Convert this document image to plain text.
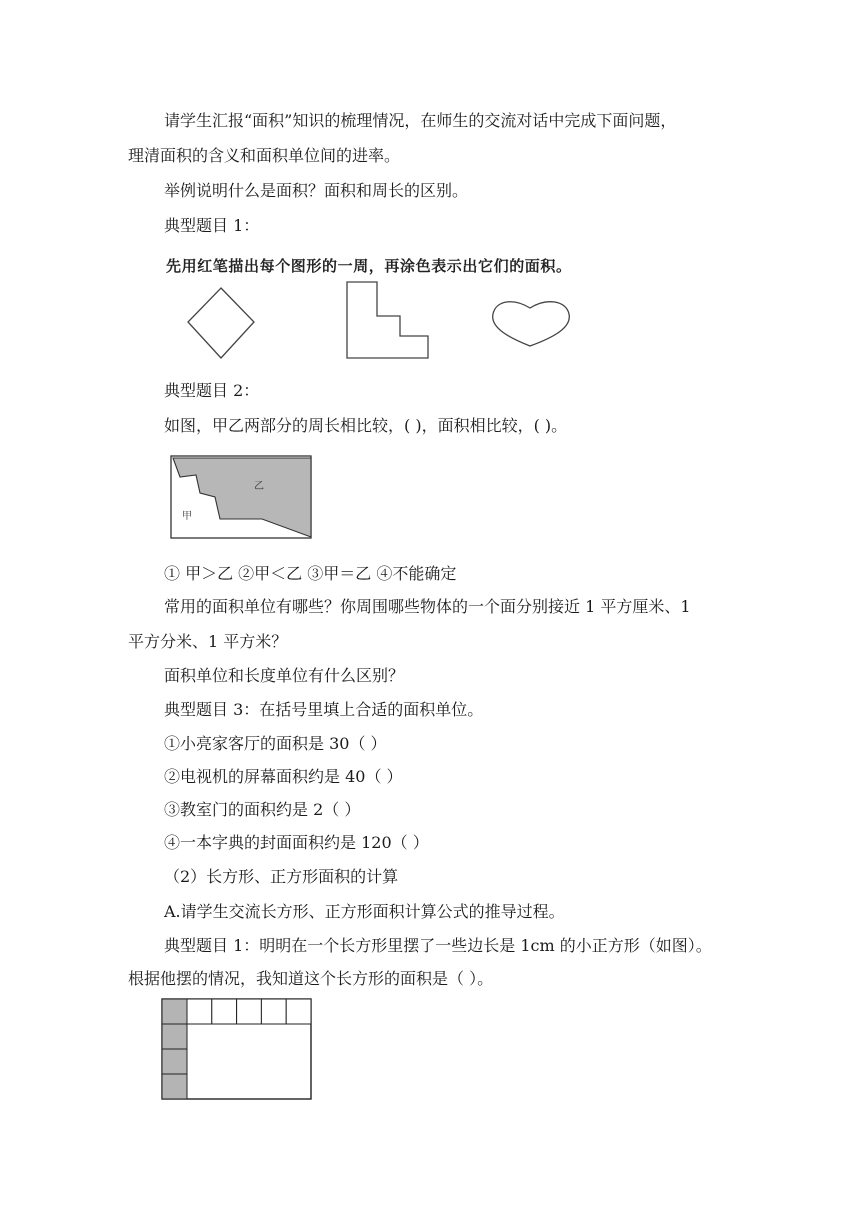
请学生汇报“面积”知识的梳理情况，在师生的交流对话中完成下面问题，
理清面积的含义和面积单位间的进率。
举例说明什么是面积？面积和周长的区别。
典型题目 1：
先用红笔描出每个图形的一周，再涂色表示出它们的面积。
典型题目 2：
如图，甲乙两部分的周长相比较，( )，面积相比较，( )。
乙
甲
① 甲＞乙 ②甲＜乙 ③甲＝乙 ④不能确定
常用的面积单位有哪些？你周围哪些物体的一个面分别接近 1 平方厘米、1
平方分米、1 平方米？
面积单位和长度单位有什么区别？
典型题目 3：在括号里填上合适的面积单位。
①小亮家客厅的面积是 30（ ）
②电视机的屏幕面积约是 40（ ）
③教室门的面积约是 2（ ）
④一本字典的封面面积约是 120（ ）
（2）长方形、正方形面积的计算
A.请学生交流长方形、正方形面积计算公式的推导过程。
典型题目 1：明明在一个长方形里摆了一些边长是 1cm 的小正方形（如图）。
根据他摆的情况，我知道这个长方形的面积是（ ）。
